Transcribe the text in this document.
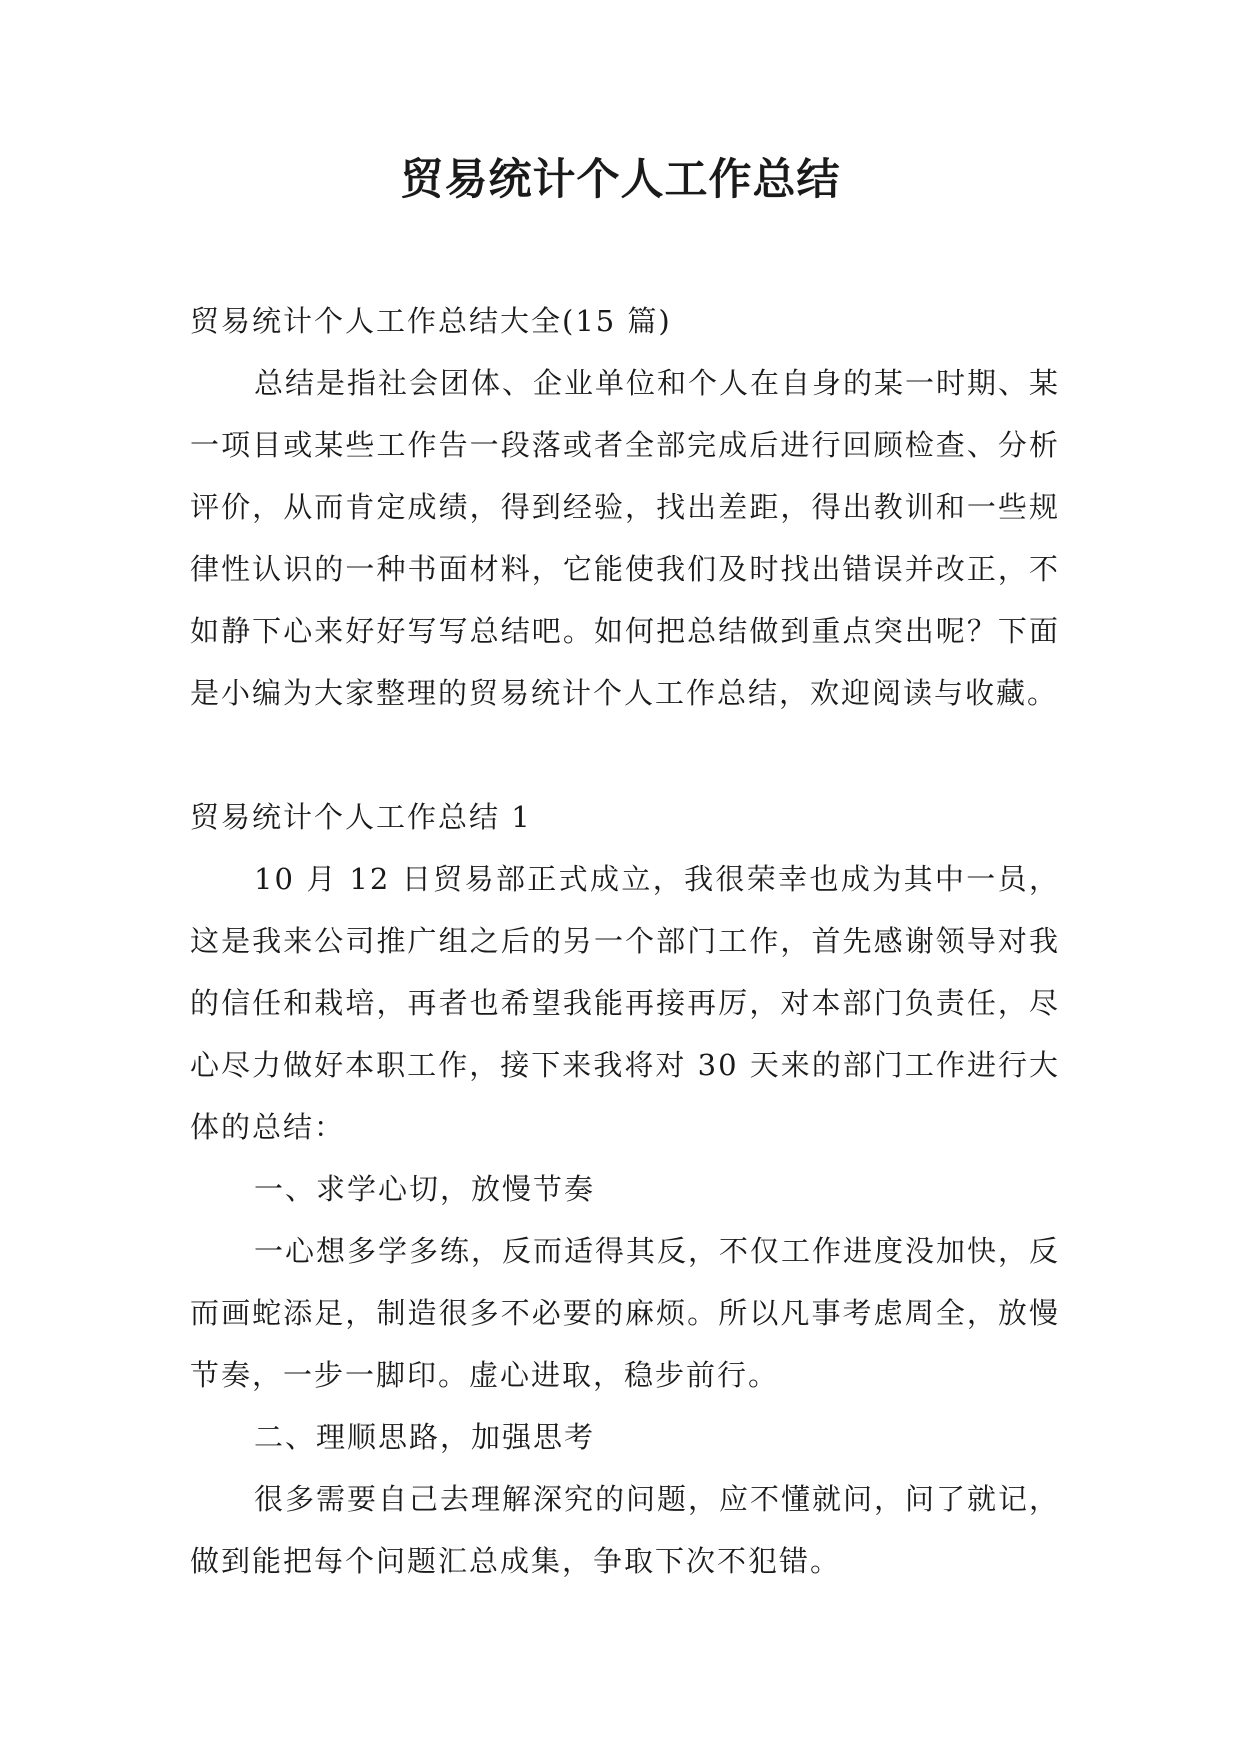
贸易统计个人工作总结

贸易统计个人工作总结大全(15 篇)

总结是指社会团体、企业单位和个人在自身的某一时期、某一项目或某些工作告一段落或者全部完成后进行回顾检查、分析评价，从而肯定成绩，得到经验，找出差距，得出教训和一些规律性认识的一种书面材料，它能使我们及时找出错误并改正，不如静下心来好好写写总结吧。如何把总结做到重点突出呢？下面是小编为大家整理的贸易统计个人工作总结，欢迎阅读与收藏。

贸易统计个人工作总结 1

10 月 12 日贸易部正式成立，我很荣幸也成为其中一员，这是我来公司推广组之后的另一个部门工作，首先感谢领导对我的信任和栽培，再者也希望我能再接再厉，对本部门负责任，尽心尽力做好本职工作，接下来我将对 30 天来的部门工作进行大体的总结：

一、求学心切，放慢节奏

一心想多学多练，反而适得其反，不仅工作进度没加快，反而画蛇添足，制造很多不必要的麻烦。所以凡事考虑周全，放慢节奏，一步一脚印。虚心进取，稳步前行。

二、理顺思路，加强思考

很多需要自己去理解深究的问题，应不懂就问，问了就记，做到能把每个问题汇总成集，争取下次不犯错。
